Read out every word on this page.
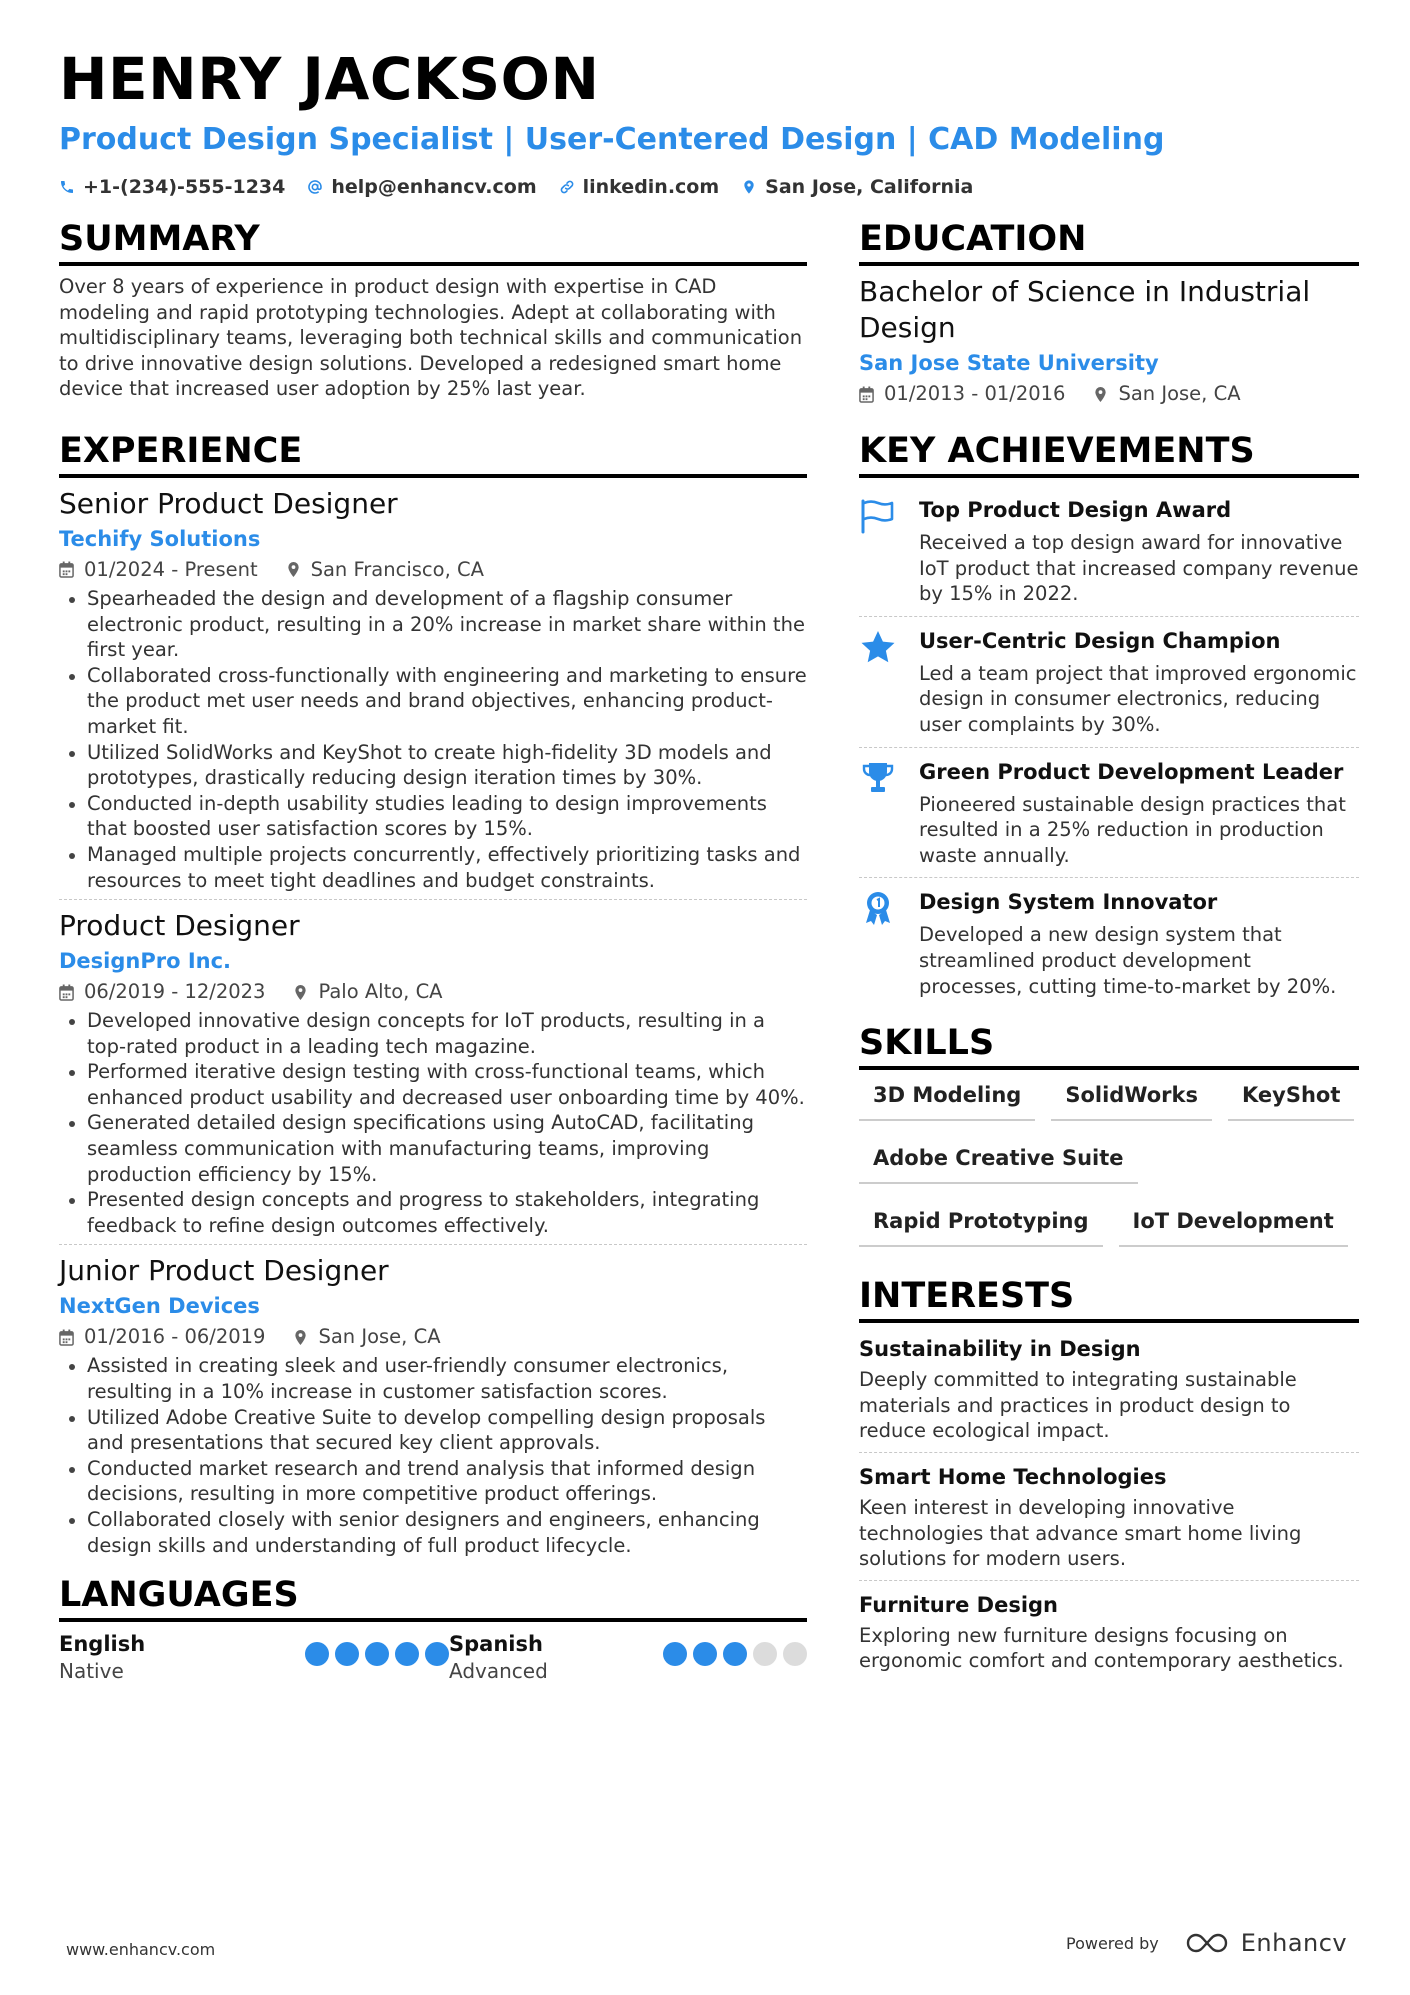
HENRY JACKSON
Product Design Specialist | User-Centered Design | CAD Modeling
+1-(234)-555-1234 help@enhancv.com linkedin.com San Jose, California
SUMMARY
Over 8 years of experience in product design with expertise in CAD modeling and rapid prototyping technologies. Adept at collaborating with multidisciplinary teams, leveraging both technical skills and communication to drive innovative design solutions. Developed a redesigned smart home device that increased user adoption by 25% last year.
EXPERIENCE
Senior Product Designer
Techify Solutions
01/2024 - Present	San Francisco, CA
Spearheaded the design and development of a flagship consumer electronic product, resulting in a 20% increase in market share within the first year.
Collaborated cross-functionally with engineering and marketing to ensure the product met user needs and brand objectives, enhancing product-market fit.
Utilized SolidWorks and KeyShot to create high-fidelity 3D models and prototypes, drastically reducing design iteration times by 30%.
Conducted in-depth usability studies leading to design improvements that boosted user satisfaction scores by 15%.
Managed multiple projects concurrently, effectively prioritizing tasks and resources to meet tight deadlines and budget constraints.
Product Designer
DesignPro Inc.
06/2019 - 12/2023	Palo Alto, CA
Developed innovative design concepts for IoT products, resulting in a top-rated product in a leading tech magazine.
Performed iterative design testing with cross-functional teams, which enhanced product usability and decreased user onboarding time by 40%.
Generated detailed design specifications using AutoCAD, facilitating seamless communication with manufacturing teams, improving production efficiency by 15%.
Presented design concepts and progress to stakeholders, integrating feedback to refine design outcomes effectively.
Junior Product Designer
NextGen Devices
01/2016 - 06/2019	San Jose, CA
Assisted in creating sleek and user-friendly consumer electronics, resulting in a 10% increase in customer satisfaction scores.
Utilized Adobe Creative Suite to develop compelling design proposals and presentations that secured key client approvals.
Conducted market research and trend analysis that informed design decisions, resulting in more competitive product offerings.
Collaborated closely with senior designers and engineers, enhancing design skills and understanding of full product lifecycle.
LANGUAGES
English
Native
Spanish
Advanced
EDUCATION
Bachelor of Science in Industrial Design
San Jose State University
01/2013 - 01/2016	San Jose, CA
KEY ACHIEVEMENTS
Top Product Design Award
Received a top design award for innovative IoT product that increased company revenue by 15% in 2022.
User-Centric Design Champion
Led a team project that improved ergonomic design in consumer electronics, reducing user complaints by 30%.
Green Product Development Leader
Pioneered sustainable design practices that resulted in a 25% reduction in production waste annually.
Design System Innovator
Developed a new design system that streamlined product development processes, cutting time-to-market by 20%.
SKILLS
3D Modeling	SolidWorks	KeyShot
Adobe Creative Suite
Rapid Prototyping	IoT Development
INTERESTS
Sustainability in Design
Deeply committed to integrating sustainable materials and practices in product design to reduce ecological impact.
Smart Home Technologies
Keen interest in developing innovative technologies that advance smart home living solutions for modern users.
Furniture Design
Exploring new furniture designs focusing on ergonomic comfort and contemporary aesthetics.
www.enhancv.com	Powered by	Enhancv
